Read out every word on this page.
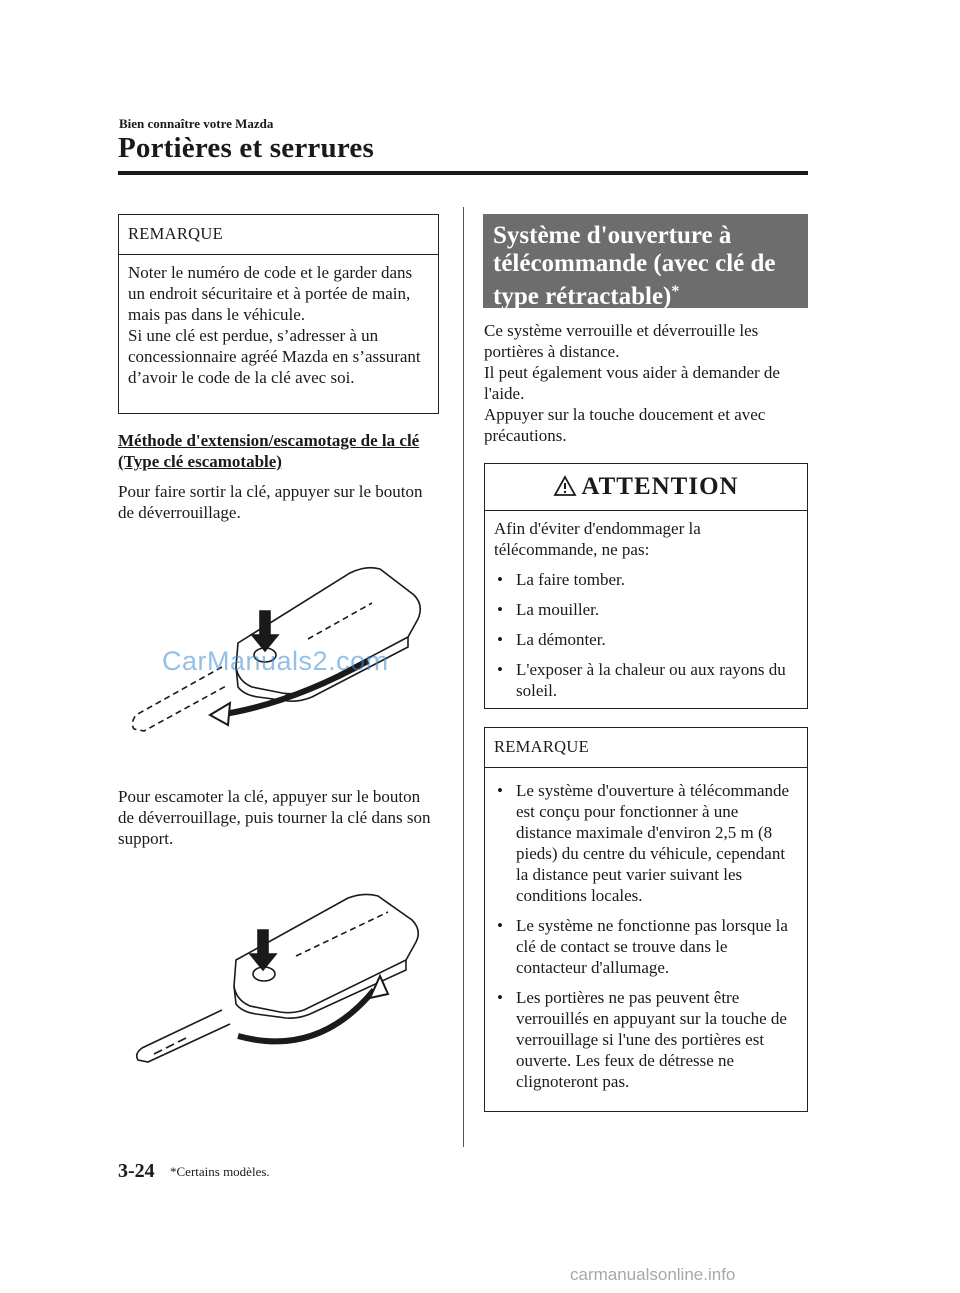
Bien connaître votre Mazda
Portières et serrures
REMARQUE

Noter le numéro de code et le garder dans un endroit sécuritaire et à portée de main, mais pas dans le véhicule.

Si une clé est perdue, s’adresser à un concessionnaire agréé Mazda en s’assurant d’avoir le code de la clé avec soi.

Méthode d'extension/escamotage de la clé (Type clé escamotable)
Pour faire sortir la clé, appuyer sur le bouton de déverrouillage.
Pour escamoter la clé, appuyer sur le bouton de déverrouillage, puis tourner la clé dans son support.
Système d'ouverture à télécommande (avec clé de type rétractable)*
Ce système verrouille et déverrouille les portières à distance.
Il peut également vous aider à demander de l'aide.
Appuyer sur la touche doucement et avec précautions.
ATTENTION

Afin d'éviter d'endommager la télécommande, ne pas:

• La faire tomber.
• La mouiller.
• La démonter.
• L'exposer à la chaleur ou aux rayons du soleil.
REMARQUE
• Le système d'ouverture à télécommande est conçu pour fonctionner à une distance maximale d'environ 2,5 m (8 pieds) du centre du véhicule, cependant la distance peut varier suivant les conditions locales.
• Le système ne fonctionne pas lorsque la clé de contact se trouve dans le contacteur d'allumage.
• Les portières ne pas peuvent être verrouillés en appuyant sur la touche de verrouillage si l'une des portières est ouverte. Les feux de détresse ne clignoteront pas.
3-24 *Certains modèles.
CarManuals2.com
carmanualsonline.info
